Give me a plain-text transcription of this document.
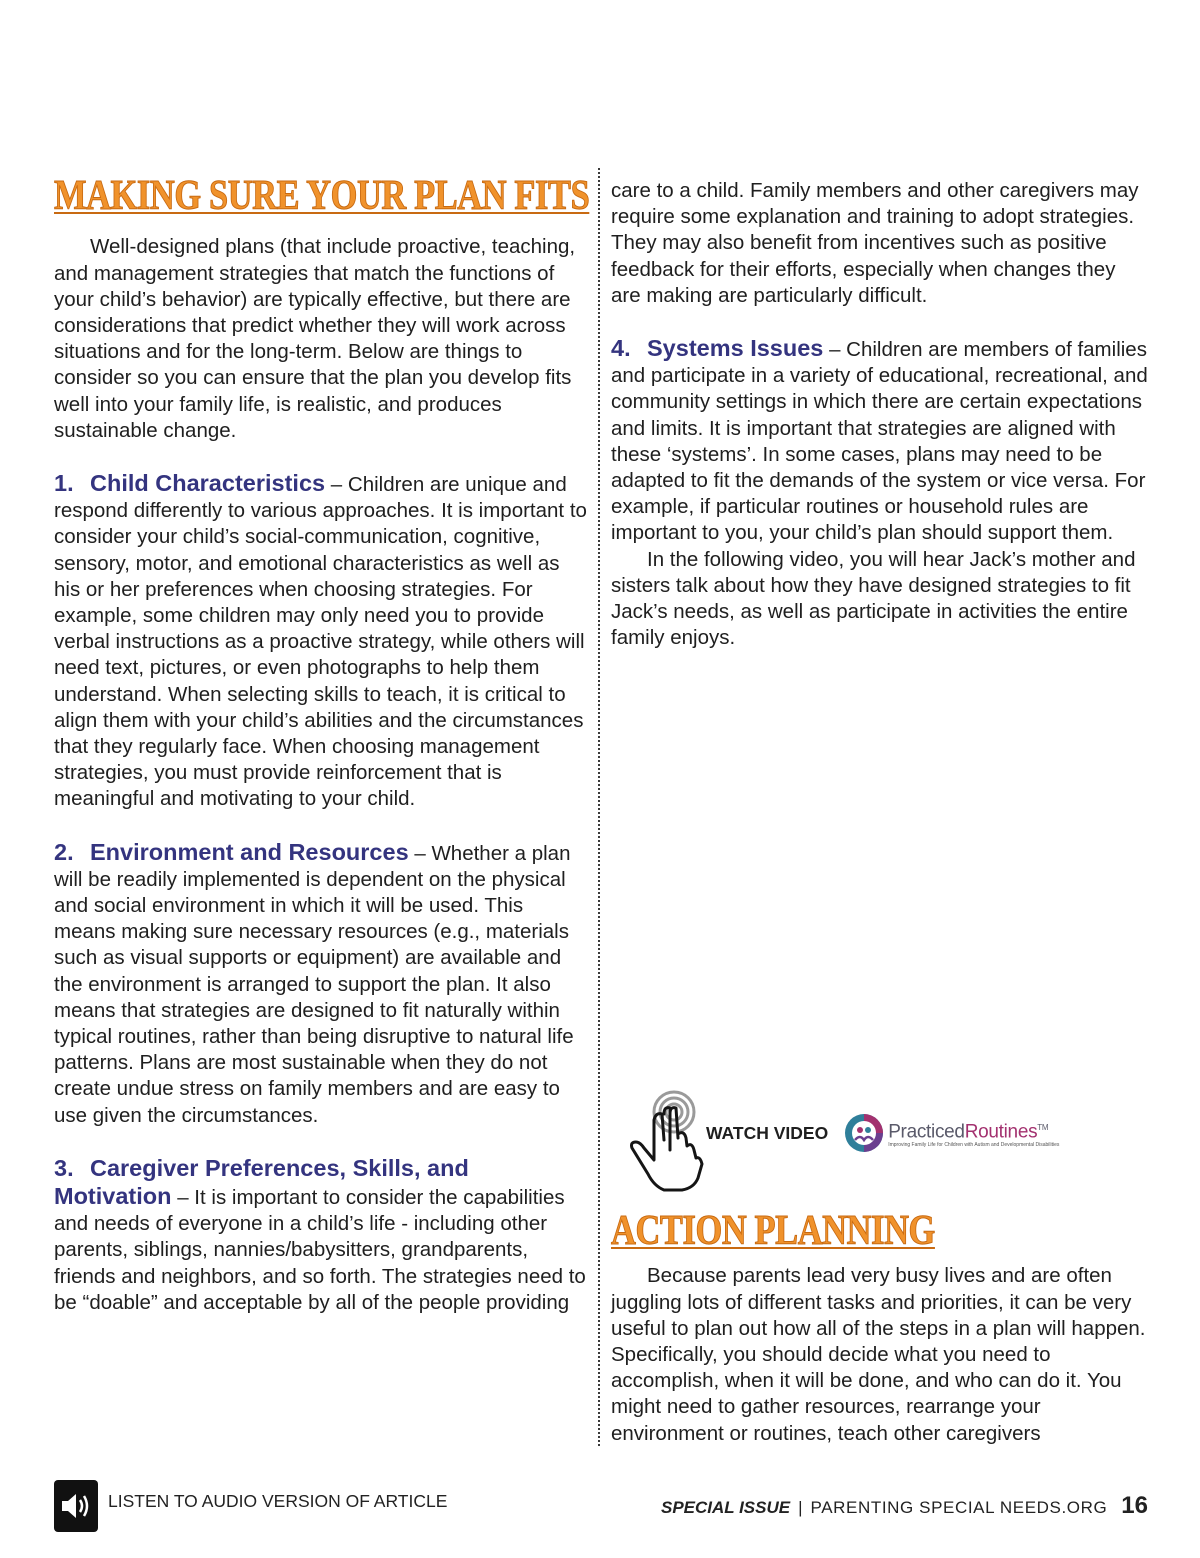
MAKING SURE YOUR PLAN FITS

Well-designed plans (that include proactive, teaching, and management strategies that match the functions of your child’s behavior) are typically effective, but there are considerations that predict whether they will work across situations and for the long-term. Below are things to consider so you can ensure that the plan you develop fits well into your family life, is realistic, and produces sustainable change.

1. Child Characteristics – Children are unique and respond differently to various approaches. It is important to consider your child’s social-communication, cognitive, sensory, motor, and emotional characteristics as well as his or her preferences when choosing strategies. For example, some children may only need you to provide verbal instructions as a proactive strategy, while others will need text, pictures, or even photographs to help them understand. When selecting skills to teach, it is critical to align them with your child’s abilities and the circumstances that they regularly face. When choosing management strategies, you must provide reinforcement that is meaningful and motivating to your child.

2. Environment and Resources – Whether a plan will be readily implemented is dependent on the physical and social environment in which it will be used. This means making sure necessary resources (e.g., materials such as visual supports or equipment) are available and the environment is arranged to support the plan. It also means that strategies are designed to fit naturally within typical routines, rather than being disruptive to natural life patterns. Plans are most sustainable when they do not create undue stress on family members and are easy to use given the circumstances.

3. Caregiver Preferences, Skills, and Motivation – It is important to consider the capabilities and needs of everyone in a child’s life - including other parents, siblings, nannies/babysitters, grandparents, friends and neighbors, and so forth. The strategies need to be “doable” and acceptable by all of the people providing

care to a child. Family members and other caregivers may require some explanation and training to adopt strategies. They may also benefit from incentives such as positive feedback for their efforts, especially when changes they are making are particularly difficult.

4. Systems Issues – Children are members of families and participate in a variety of educational, recreational, and community settings in which there are certain expectations and limits. It is important that strategies are aligned with these ‘systems’. In some cases, plans may need to be adapted to fit the demands of the system or vice versa. For example, if particular routines or household rules are important to you, your child’s plan should support them.

In the following video, you will hear Jack’s mother and sisters talk about how they have designed strategies to fit Jack’s needs, as well as participate in activities the entire family enjoys.

WATCH VIDEO	PracticedRoutines™
Improving Family Life for Children with Autism and Developmental Disabilities
ACTION PLANNING

Because parents lead very busy lives and are often juggling lots of different tasks and priorities, it can be very useful to plan out how all of the steps in a plan will happen. Specifically, you should decide what you need to accomplish, when it will be done, and who can do it. You might need to gather resources, rearrange your environment or routines, teach other caregivers

LISTEN TO AUDIO VERSION OF ARTICLE	SPECIAL ISSUE | PARENTING SPECIAL NEEDS.ORG 16
